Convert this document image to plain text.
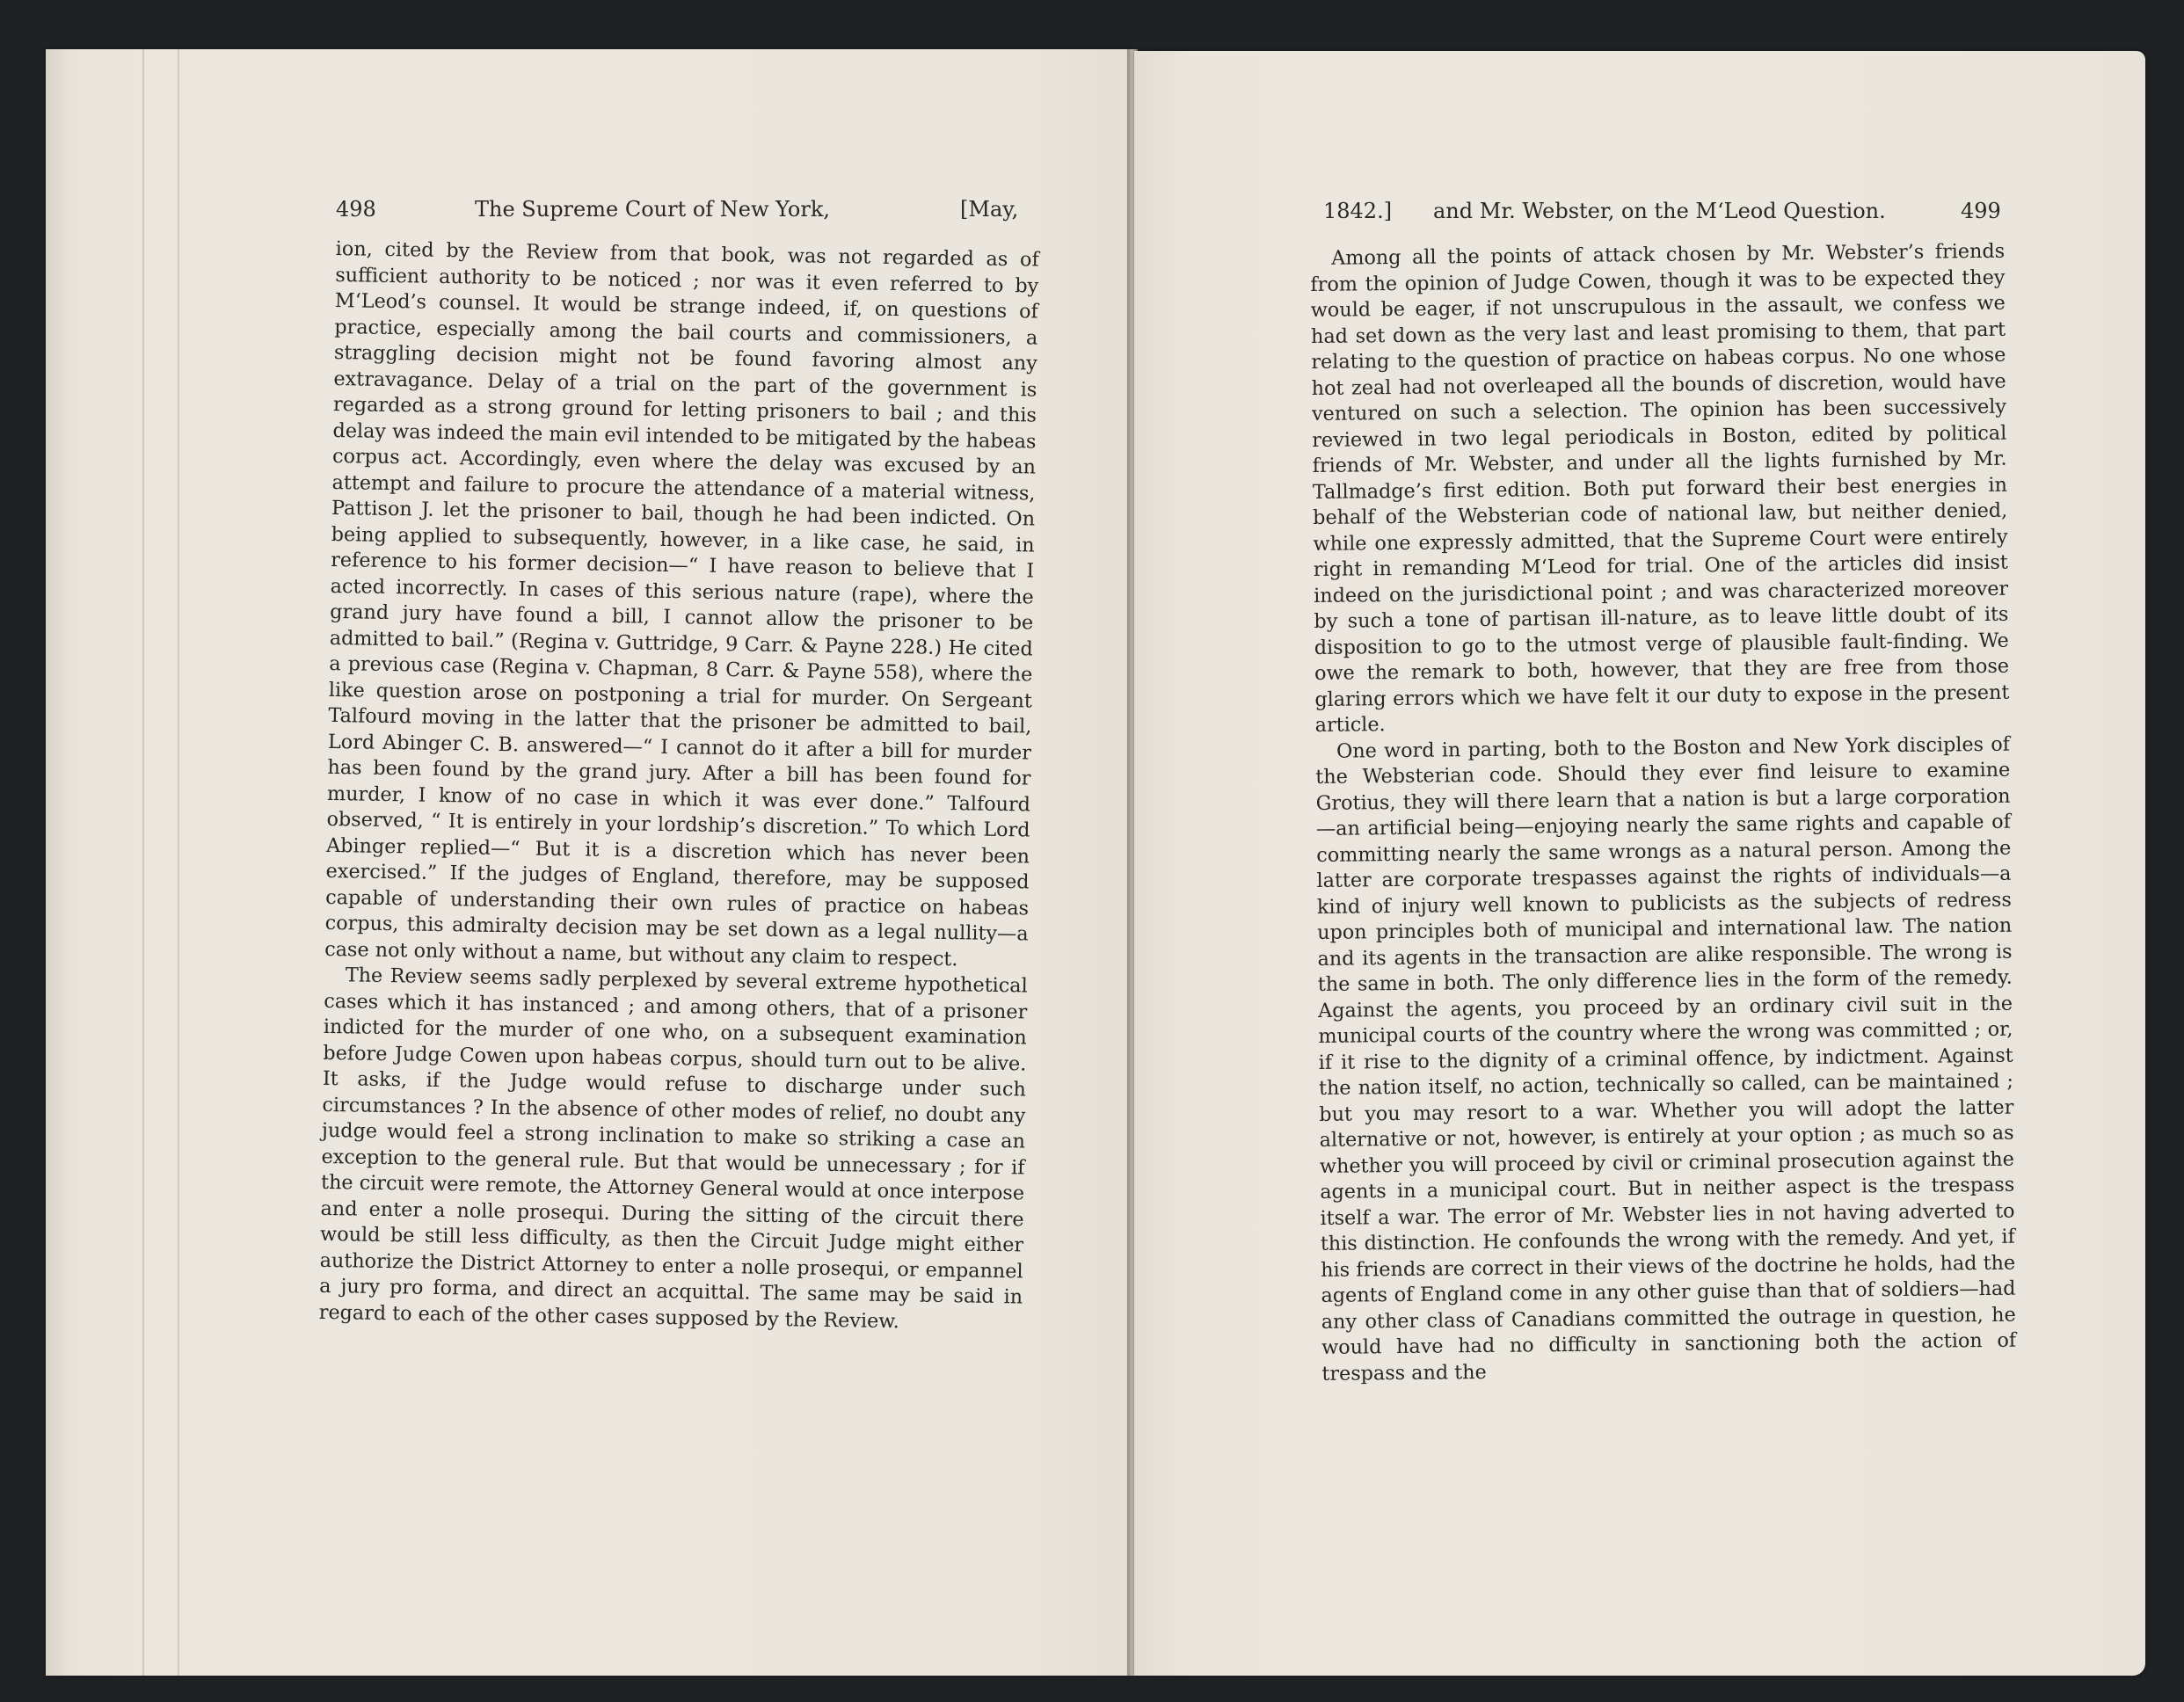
498	The Supreme Court of New York,	[May,

ion, cited by the Review from that book, was not regarded as of sufficient authority to be noticed ; nor was it even referred to by M‘Leod’s counsel. It would be strange indeed, if, on questions of practice, especially among the bail courts and commissioners, a straggling decision might not be found favoring almost any extravagance. Delay of a trial on the part of the government is regarded as a strong ground for letting prisoners to bail ; and this delay was indeed the main evil intended to be mitigated by the habeas corpus act. Accordingly, even where the delay was excused by an attempt and failure to procure the attendance of a material witness, Pattison J. let the prisoner to bail, though he had been indicted. On being applied to subsequently, however, in a like case, he said, in reference to his former decision—“ I have reason to believe that I acted incorrectly. In cases of this serious nature (rape), where the grand jury have found a bill, I cannot allow the prisoner to be admitted to bail.” (Regina v. Guttridge, 9 Carr. & Payne 228.) He cited a previous case (Regina v. Chapman, 8 Carr. & Payne 558), where the like question arose on postponing a trial for murder. On Sergeant Talfourd moving in the latter that the prisoner be admitted to bail, Lord Abinger C. B. answered—“ I cannot do it after a bill for murder has been found by the grand jury. After a bill has been found for murder, I know of no case in which it was ever done.” Talfourd observed, “ It is entirely in your lordship’s discretion.” To which Lord Abinger replied—“ But it is a discretion which has never been exercised.” If the judges of England, therefore, may be supposed capable of understanding their own rules of practice on habeas corpus, this admiralty decision may be set down as a legal nullity—a case not only without a name, but without any claim to respect.

The Review seems sadly perplexed by several extreme hypothetical cases which it has instanced ; and among others, that of a prisoner indicted for the murder of one who, on a subsequent examination before Judge Cowen upon habeas corpus, should turn out to be alive. It asks, if the Judge would refuse to discharge under such circumstances ? In the absence of other modes of relief, no doubt any judge would feel a strong inclination to make so striking a case an exception to the general rule. But that would be unnecessary ; for if the circuit were remote, the Attorney General would at once interpose and enter a nolle prosequi. During the sitting of the circuit there would be still less difficulty, as then the Circuit Judge might either authorize the District Attorney to enter a nolle prosequi, or empannel a jury pro forma, and direct an acquittal. The same may be said in regard to each of the other cases supposed by the Review.

1842.] and Mr. Webster, on the M‘Leod Question.	499

Among all the points of attack chosen by Mr. Webster’s friends from the opinion of Judge Cowen, though it was to be expected they would be eager, if not unscrupulous in the assault, we confess we had set down as the very last and least promising to them, that part relating to the question of practice on habeas corpus. No one whose hot zeal had not overleaped all the bounds of discretion, would have ventured on such a selection. The opinion has been successively reviewed in two legal periodicals in Boston, edited by political friends of Mr. Webster, and under all the lights furnished by Mr. Tallmadge’s first edition. Both put forward their best energies in behalf of the Websterian code of national law, but neither denied, while one expressly admitted, that the Supreme Court were entirely right in remanding M‘Leod for trial. One of the articles did insist indeed on the jurisdictional point ; and was characterized moreover by such a tone of partisan ill-nature, as to leave little doubt of its disposition to go to the utmost verge of plausible fault-finding. We owe the remark to both, however, that they are free from those glaring errors which we have felt it our duty to expose in the present article.

One word in parting, both to the Boston and New York disciples of the Websterian code. Should they ever find leisure to examine Grotius, they will there learn that a nation is but a large corporation—an artificial being—enjoying nearly the same rights and capable of committing nearly the same wrongs as a natural person. Among the latter are corporate trespasses against the rights of individuals—a kind of injury well known to publicists as the subjects of redress upon principles both of municipal and international law. The nation and its agents in the transaction are alike responsible. The wrong is the same in both. The only difference lies in the form of the remedy. Against the agents, you proceed by an ordinary civil suit in the municipal courts of the country where the wrong was committed ; or, if it rise to the dignity of a criminal offence, by indictment. Against the nation itself, no action, technically so called, can be maintained ; but you may resort to a war. Whether you will adopt the latter alternative or not, however, is entirely at your option ; as much so as whether you will proceed by civil or criminal prosecution against the agents in a municipal court. But in neither aspect is the trespass itself a war. The error of Mr. Webster lies in not having adverted to this distinction. He confounds the wrong with the remedy. And yet, if his friends are correct in their views of the doctrine he holds, had the agents of England come in any other guise than that of soldiers—had any other class of Canadians committed the outrage in question, he would have had no difficulty in sanctioning both the action of trespass and the
